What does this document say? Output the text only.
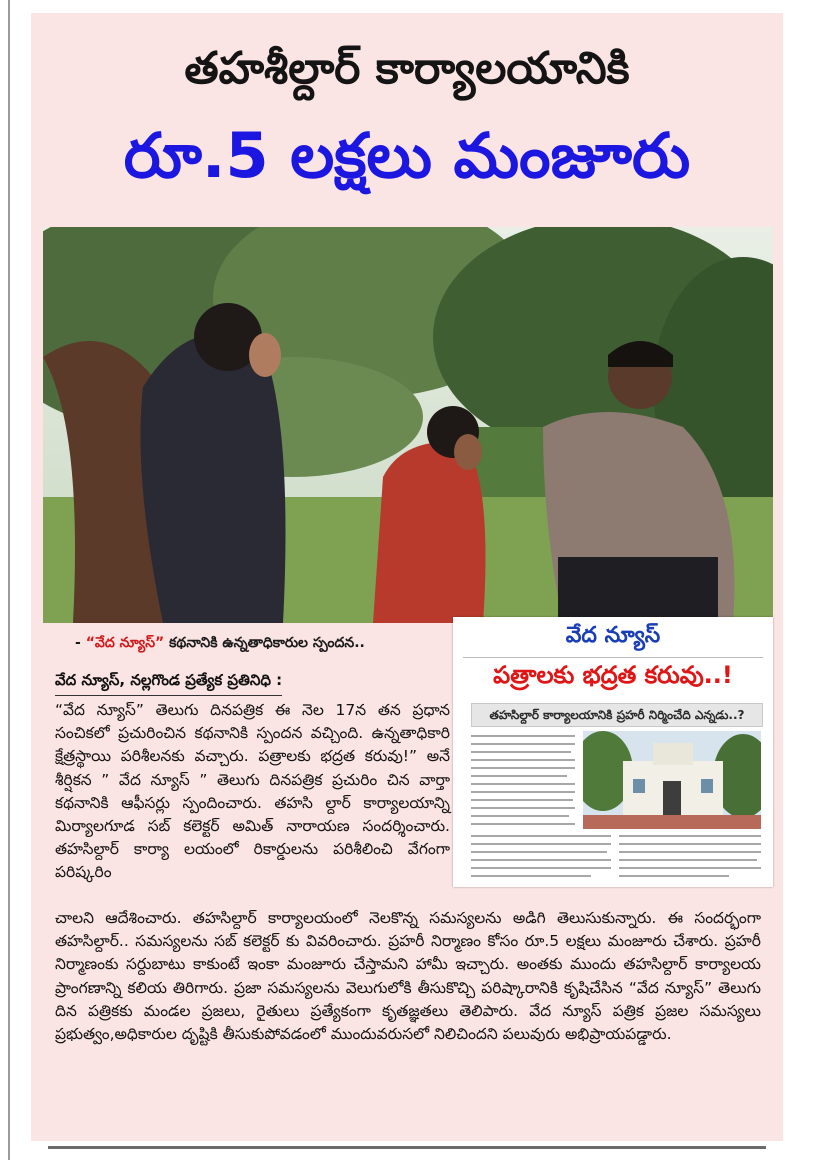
తహశీల్దార్ కార్యాలయానికి
రూ.5 లక్షలు మంజూరు
- “వేద న్యూస్” కథనానికి ఉన్నతాధికారుల స్పందన..
వేద న్యూస్, నల్లగొండ ప్రత్యేక ప్రతినిధి :
వేద న్యూస్
పత్రాలకు భద్రత కరువు..!
తహసిల్దార్ కార్యాలయానికి ప్రహరీ నిర్మించేది ఎన్నడు..?
“వేద న్యూస్” తెలుగు దినపత్రిక ఈ నెల 17న తన ప్రధాన సంచికలో ప్రచురించిన కథనానికి స్పందన వచ్చింది. ఉన్నతాధికారి క్షేత్రస్థాయి పరిశీలనకు వచ్చారు. పత్రాలకు భద్రత కరువు!” అనే శీర్షికన ” వేద న్యూస్ ” తెలుగు దినపత్రిక ప్రచురిం చిన వార్తా కథనానికి ఆఫీసర్లు స్పందించారు. తహసి ల్దార్ కార్యాలయాన్ని మిర్యాలగూడ సబ్ కలెక్టర్ అమిత్ నారాయణ సందర్శించారు. తహసిల్దార్ కార్యా లయంలో రికార్డులను పరిశీలించి వేగంగా పరిష్కరిం
చాలని ఆదేశించారు. తహసిల్దార్ కార్యాలయంలో నెలకొన్న సమస్యలను అడిగి తెలుసుకున్నారు. ఈ సందర్భంగా తహసిల్దార్.. సమస్యలను సబ్ కలెక్టర్ కు వివరించారు. ప్రహరీ నిర్మాణం కోసం రూ.5 లక్షలు మంజూరు చేశారు. ప్రహరీ నిర్మాణంకు సర్దుబాటు కాకుంటే ఇంకా మంజూరు చేస్తామని హామీ ఇచ్చారు. అంతకు ముందు తహసిల్దార్ కార్యాలయ ప్రాంగణాన్ని కలియ తిరిగారు. ప్రజా సమస్యలను వెలుగులోకి తీసుకొచ్చి పరిష్కారానికి కృషిచేసిన “వేద న్యూస్” తెలుగు దిన పత్రికకు మండల ప్రజలు, రైతులు ప్రత్యేకంగా కృతజ్ఞతలు తెలిపారు. వేద న్యూస్ పత్రిక ప్రజల సమస్యలు ప్రభుత్వం,అధికారుల దృష్టికి తీసుకుపోవడంలో ముందువరుసలో నిలిచిందని పలువురు అభిప్రాయపడ్డారు.
